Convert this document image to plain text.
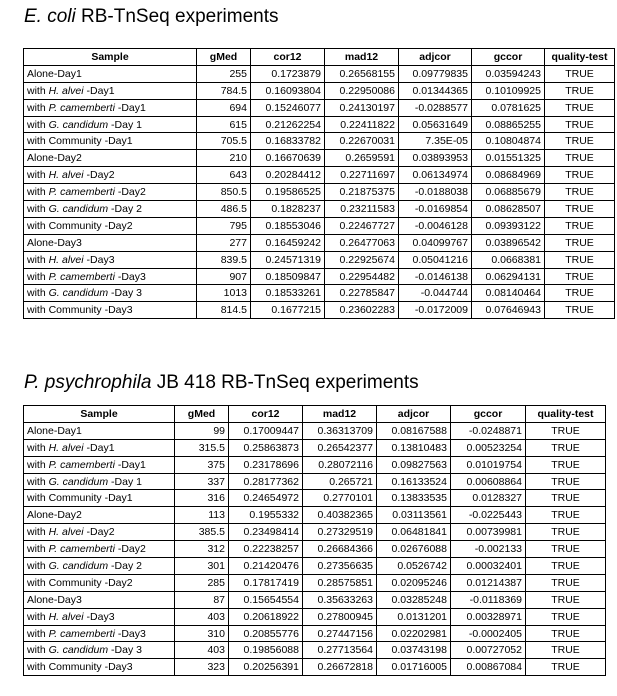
E. coli RB-TnSeq experiments
Sample	gMed	cor12	mad12	adjcor	gccor	quality-test
Alone-Day1	255	0.1723879	0.26568155	0.09779835	0.03594243	TRUE
with H. alvei -Day1	784.5	0.16093804	0.22950086	0.01344365	0.10109925	TRUE
with P. camemberti -Day1	694	0.15246077	0.24130197	-0.0288577	0.0781625	TRUE
with G. candidum -Day 1	615	0.21262254	0.22411822	0.05631649	0.08865255	TRUE
with Community -Day1	705.5	0.16833782	0.22670031	7.35E-05	0.10804874	TRUE
Alone-Day2	210	0.16670639	0.2659591	0.03893953	0.01551325	TRUE
with H. alvei -Day2	643	0.20284412	0.22711697	0.06134974	0.08684969	TRUE
with P. camemberti -Day2	850.5	0.19586525	0.21875375	-0.0188038	0.06885679	TRUE
with G. candidum -Day 2	486.5	0.1828237	0.23211583	-0.0169854	0.08628507	TRUE
with Community -Day2	795	0.18553046	0.22467727	-0.0046128	0.09393122	TRUE
Alone-Day3	277	0.16459242	0.26477063	0.04099767	0.03896542	TRUE
with H. alvei -Day3	839.5	0.24571319	0.22925674	0.05041216	0.0668381	TRUE
with P. camemberti -Day3	907	0.18509847	0.22954482	-0.0146138	0.06294131	TRUE
with G. candidum -Day 3	1013	0.18533261	0.22785847	-0.044744	0.08140464	TRUE
with Community -Day3	814.5	0.1677215	0.23602283	-0.0172009	0.07646943	TRUE
P. psychrophila JB 418 RB-TnSeq experiments
Sample	gMed	cor12	mad12	adjcor	gccor	quality-test
Alone-Day1	99	0.17009447	0.36313709	0.08167588	-0.0248871	TRUE
with H. alvei -Day1	315.5	0.25863873	0.26542377	0.13810483	0.00523254	TRUE
with P. camemberti -Day1	375	0.23178696	0.28072116	0.09827563	0.01019754	TRUE
with G. candidum -Day 1	337	0.28177362	0.265721	0.16133524	0.00608864	TRUE
with Community -Day1	316	0.24654972	0.2770101	0.13833535	0.0128327	TRUE
Alone-Day2	113	0.1955332	0.40382365	0.03113561	-0.0225443	TRUE
with H. alvei -Day2	385.5	0.23498414	0.27329519	0.06481841	0.00739981	TRUE
with P. camemberti -Day2	312	0.22238257	0.26684366	0.02676088	-0.002133	TRUE
with G. candidum -Day 2	301	0.21420476	0.27356635	0.0526742	0.00032401	TRUE
with Community -Day2	285	0.17817419	0.28575851	0.02095246	0.01214387	TRUE
Alone-Day3	87	0.15654554	0.35633263	0.03285248	-0.0118369	TRUE
with H. alvei -Day3	403	0.20618922	0.27800945	0.0131201	0.00328971	TRUE
with P. camemberti -Day3	310	0.20855776	0.27447156	0.02202981	-0.0002405	TRUE
with G. candidum -Day 3	403	0.19856088	0.27713564	0.03743198	0.00727052	TRUE
with Community -Day3	323	0.20256391	0.26672818	0.01716005	0.00867084	TRUE
